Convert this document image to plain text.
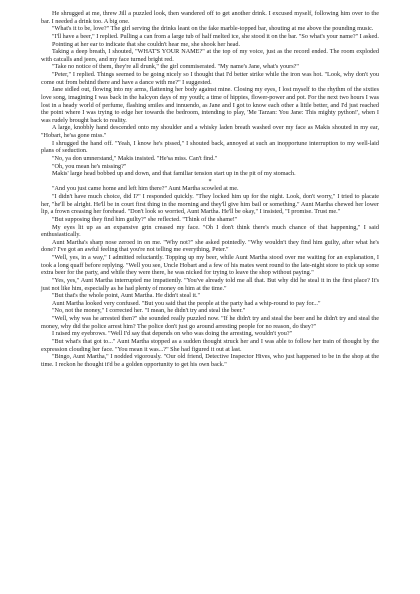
He shrugged at me, threw Jill a puzzled look, then wandered off to get another drink. I excused myself, following him over to the bar. I needed a drink too. A big one.

"What's it to be, love?" The girl serving the drinks leant on the fake marble-topped bar, shouting at me above the pounding music.

"I'll have a beer," I replied. Pulling a can from a large tub of half melted ice, she stood it on the bar. "So what's your name?" I asked.

Pointing at her ear to indicate that she couldn't hear me, she shook her head.

Taking a deep breath, I shouted, "WHAT'S YOUR NAME?" at the top of my voice, just as the record ended. The room exploded with catcalls and jeers, and my face turned bright red.

"Take no notice of them, they're all drunk," the girl commiserated. "My name's Jane, what's yours?"

"Peter," I replied. Things seemed to be going nicely so I thought that I'd better strike while the iron was hot. "Look, why don't you come out from behind there and have a dance with me?" I suggested.

Jane sidled out, flowing into my arms, flattening her body against mine. Closing my eyes, I lost myself to the rhythm of the sixties love song, imagining I was back in the halcyon days of my youth; a time of hippies, flower-power and pot. For the next two hours I was lost in a heady world of perfume, flashing smiles and innuendo, as Jane and I got to know each other a little better, and I'd just reached the point where I was trying to edge her towards the bedroom, intending to play, 'Me Tarzan: You Jane: This mighty python!', when I was rudely brought back to reality.

A large, knobbly hand descended onto my shoulder and a whisky laden breath washed over my face as Makis shouted in my ear, "Hobart, he'sa gone miss."

I shrugged the hand off. "Yeah, I know he's pissed," I shouted back, annoyed at such an inopportune interruption to my well-laid plans of seduction.

"No, ya don umnerstand," Makis insisted. "He'sa miss. Can't find."

"Oh, you mean he's missing?"

Makis' large head bobbed up and down, and that familiar tension start up in the pit of my stomach.

*

"And you just came home and left him there?" Aunt Martha scowled at me.

"I didn't have much choice, did I?" I responded quickly. "They locked him up for the night. Look, don't worry," I tried to placate her, "he'll be alright. He'll be in court first thing in the morning and they'll give him bail or something." Aunt Martha chewed her lower lip, a frown creasing her forehead. "Don't look so worried, Aunt Martha. He'll be okay," I insisted, "I promise. Trust me."

"But supposing they find him guilty?" she reflected. "Think of the shame!"

My eyes lit up as an expansive grin creased my face. "Oh I don't think there's much chance of that happening," I said enthusiastically.

Aunt Martha's sharp nose zeroed in on me. "Why not?" she asked pointedly. "Why wouldn't they find him guilty, after what he's done? I've got an awful feeling that you're not telling me everything, Peter."

"Well, yes, in a way," I admitted reluctantly. Topping up my beer, while Aunt Martha stood over me waiting for an explanation, I took a long quaff before replying. "Well you see, Uncle Hobart and a few of his mates went round to the late-night store to pick up some extra beer for the party, and while they were there, he was nicked for trying to leave the shop without paying."

"Yes, yes," Aunt Martha interrupted me impatiently. "You've already told me all that. But why did he steal it in the first place? It's just not like him, especially as he had plenty of money on him at the time."

"But that's the whole point, Aunt Martha. He didn't steal it."

Aunt Martha looked very confused. "But you said that the people at the party had a whip-round to pay for..."

"No, not the money," I corrected her. "I mean, he didn't try and steal the beer."

"Well, why was he arrested then?" she sounded really puzzled now. "If he didn't try and steal the beer and he didn't try and steal the money, why did the police arrest him? The police don't just go around arresting people for no reason, do they?"

I raised my eyebrows. "Well I'd say that depends on who was doing the arresting, wouldn't you?"

"But what's that got to..." Aunt Martha stopped as a sudden thought struck her and I was able to follow her train of thought by the expression clouding her face. "You mean it was...?" She had figured it out at last.

"Bingo, Aunt Martha," I nodded vigorously. "Our old friend, Detective Inspector Hives, who just happened to be in the shop at the time. I reckon he thought it'd be a golden opportunity to get his own back."
